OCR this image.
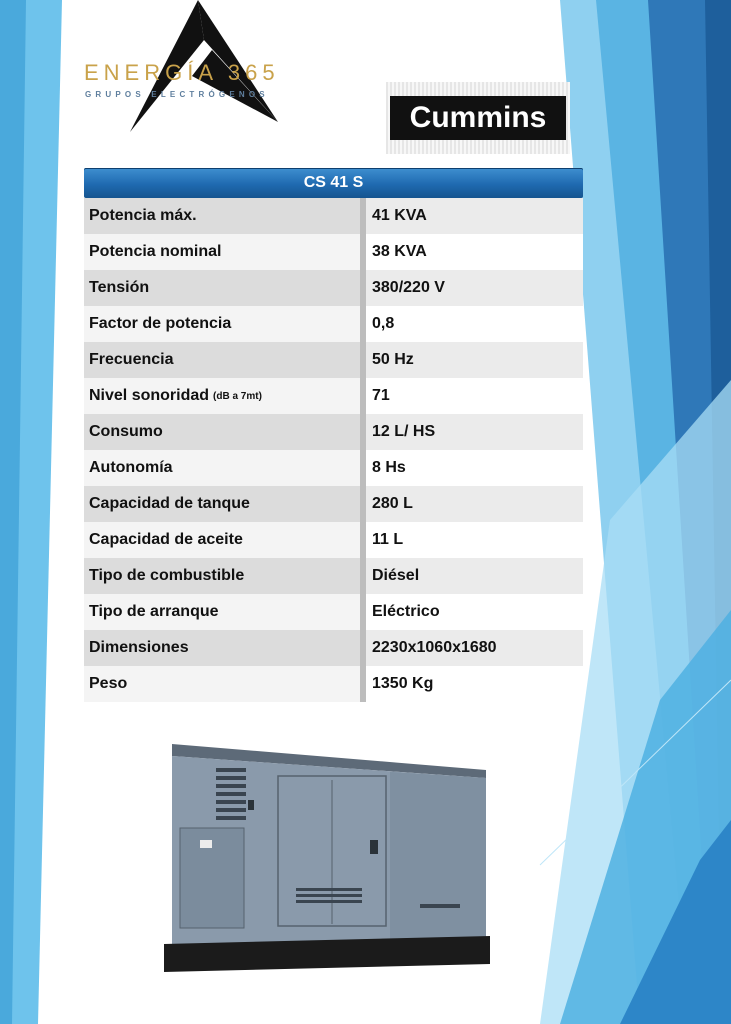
ENERGÍA 365
GRUPOS ELECTRÓGENOS
Cummins
CS 41 S
Potencia máx.	41 KVA
Potencia nominal	38 KVA
Tensión	380/220 V
Factor de potencia	0,8
Frecuencia	50 Hz
Nivel sonoridad (dB a 7mt)	71
Consumo	12 L/ HS
Autonomía	8 Hs
Capacidad de tanque	280 L
Capacidad de aceite	11 L
Tipo de combustible	Diésel
Tipo de arranque	Eléctrico
Dimensiones	2230x1060x1680
Peso	1350 Kg
